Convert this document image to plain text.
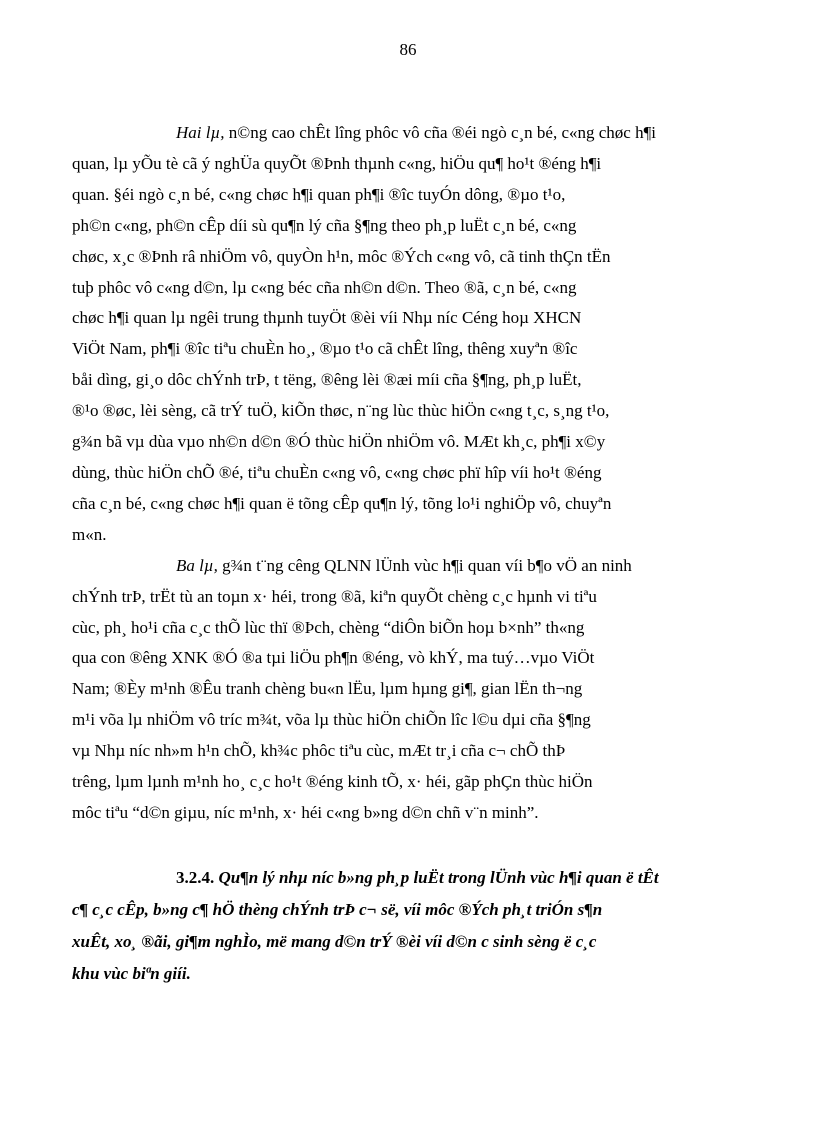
86
Hai lµ, n©ng cao chÊt lîng phôc vô cña ®éi ngò c¸n bé, c«ng chøc h¶i
quan, lµ yÕu tè cã ý nghÜa quyÕt ®Þnh thµnh c«ng, hiÖu qu¶ ho¹t ®éng h¶i
quan. §éi ngò c¸n bé, c«ng chøc h¶i quan ph¶i ®îc tuyÓn dông, ®µo t¹o,
ph©n c«ng, ph©n cÊp díi sù qu¶n lý cña §¶ng theo ph¸p luËt c¸n bé, c«ng
chøc, x¸c ®Þnh râ nhiÖm vô, quyÒn h¹n, môc ®Ých c«ng vô, cã tinh thÇn tËn
tuþ phôc vô c«ng d©n, lµ c«ng béc cña nh©n d©n. Theo ®ã, c¸n bé, c«ng
chøc h¶i quan lµ ngêi trung thµnh tuyÖt ®èi víi Nhµ níc Céng hoµ XHCN
ViÖt Nam, ph¶i ®îc tiªu chuÈn ho¸, ®µo t¹o cã chÊt lîng, thêng xuyªn ®îc
båi dìng, gi¸o dôc chÝnh trÞ, t tëng, ®êng lèi ®æi míi cña §¶ng, ph¸p luËt,
®¹o ®øc, lèi sèng, cã trÝ tuÖ, kiÕn thøc, n¨ng lùc thùc hiÖn c«ng t¸c, s¸ng t¹o,
g¾n bã vµ dùa vµo nh©n d©n ®Ó thùc hiÖn nhiÖm vô. MÆt kh¸c, ph¶i x©y
dùng, thùc hiÖn chÕ ®é, tiªu chuÈn c«ng vô, c«ng chøc phï hîp víi ho¹t ®éng
cña c¸n bé, c«ng chøc h¶i quan ë tõng cÊp qu¶n lý, tõng lo¹i nghiÖp vô, chuyªn
m«n.
Ba lµ, g¾n t¨ng cêng QLNN lÜnh vùc h¶i quan víi b¶o vÖ an ninh
chÝnh trÞ, trËt tù an toµn x· héi, trong ®ã, kiªn quyÕt chèng c¸c hµnh vi tiªu
cùc, ph¸ ho¹i cña c¸c thÕ lùc thï ®Þch, chèng “diÔn biÕn hoµ b×nh” th«ng
qua con ®êng XNK ®Ó ®a tµi liÖu ph¶n ®éng, vò khÝ, ma tuý…vµo ViÖt
Nam; ®Èy m¹nh ®Êu tranh chèng bu«n lËu, lµm hµng gi¶, gian lËn th¬ng
m¹i võa lµ nhiÖm vô tríc m¾t, võa lµ thùc hiÖn chiÕn lîc l©u dµi cña §¶ng
vµ Nhµ níc nh»m h¹n chÕ, kh¾c phôc tiªu cùc, mÆt tr¸i cña c¬ chÕ thÞ
trêng, lµm lµnh m¹nh ho¸ c¸c ho¹t ®éng kinh tÕ, x· héi, gãp phÇn thùc hiÖn
môc tiªu “d©n giµu, níc m¹nh, x· héi c«ng b»ng d©n chñ v¨n minh”.
3.2.4. Qu¶n lý nhµ níc b»ng ph¸p luËt trong lÜnh vùc h¶i quan ë tÊt
c¶ c¸c cÊp, b»ng c¶ hÖ thèng chÝnh trÞ c¬ së, víi môc ®Ých ph¸t triÓn s¶n
xuÊt, xo¸ ®ãi, gi¶m nghÌo, më mang d©n trÝ ®èi víi d©n c sinh sèng ë c¸c
khu vùc biªn giíi.
